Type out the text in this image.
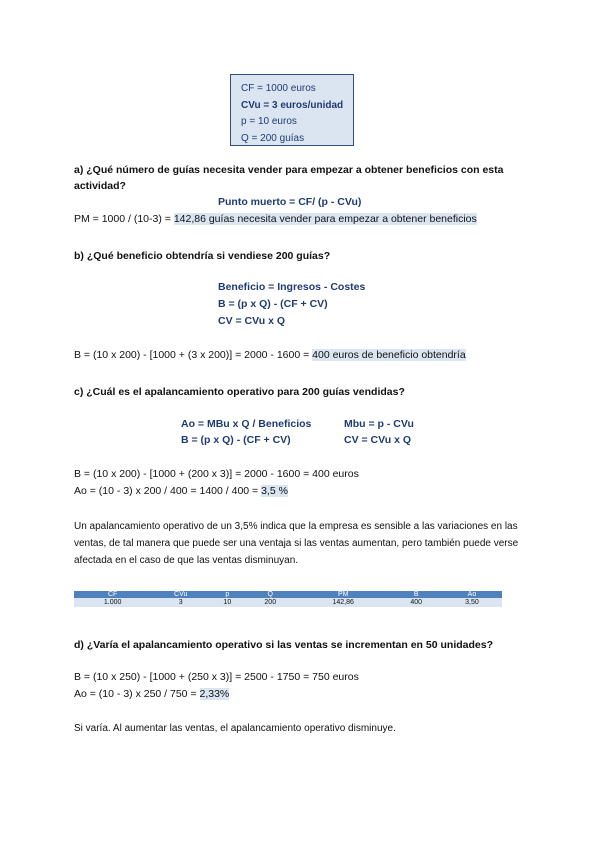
CF = 1000 euros
CVu = 3 euros/unidad
p = 10 euros
Q = 200 guías
a) ¿Qué número de guías necesita vender para empezar a obtener beneficios con esta actividad?
Punto muerto = CF/ (p - CVu)
PM = 1000 / (10-3) = 142,86 guías necesita vender para empezar a obtener beneficios
b) ¿Qué beneficio obtendría si vendiese 200 guías?
Beneficio = Ingresos - Costes
B = (p x Q) - (CF + CV)
CV = CVu x Q
B = (10 x 200) - [1000 + (3 x 200)] = 2000 - 1600 = 400 euros de beneficio obtendría
c) ¿Cuál es el apalancamiento operativo para 200 guías vendidas?
Ao = MBu x Q / Beneficios
B = (p x Q) - (CF + CV)
Mbu = p - CVu
CV = CVu x Q
B = (10 x 200) - [1000 + (200 x 3)] = 2000 - 1600 = 400 euros
Ao = (10 - 3) x 200 / 400 = 1400 / 400 = 3,5 %
Un apalancamiento operativo de un 3,5% indica que la empresa es sensible a las variaciones en las ventas, de tal manera que puede ser una ventaja si las ventas aumentan, pero también puede verse afectada en el caso de que las ventas disminuyan.
CF	CVu	p	Q	PM	B	Ao
1.000	3	10	200	142,86	400	3,50
d) ¿Varía el apalancamiento operativo si las ventas se incrementan en 50 unidades?
B = (10 x 250) - [1000 + (250 x 3)] = 2500 - 1750 = 750 euros
Ao = (10 - 3) x 250 / 750 = 2,33%
Si varía. Al aumentar las ventas, el apalancamiento operativo disminuye.
